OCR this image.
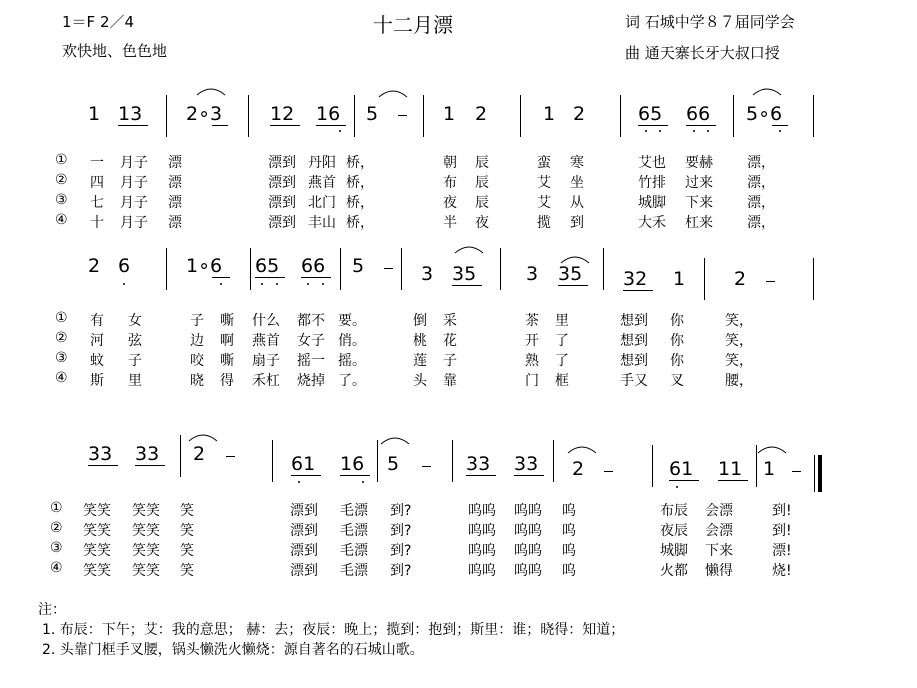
1＝F 2／4
欢快地、色色地
十二月漂	词 石城中学８７届同学会
曲 通天寨长牙大叔口授
1 13 2∘3	12 16 5	1 2	1 2	65 66 5∘6
① 一 月子 漂	漂到 丹阳 桥，	朝 辰	蛮 寒	艾也 要赫 漂，
② 四 月子 漂	漂到 燕首 桥，	布 辰	艾 坐	竹排 过来 漂，
③ 七 月子 漂	漂到 北门 桥，	夜 辰	艾 从	城脚 下来 漂，
④ 十 月子 漂	漂到 丰山 桥，	半 夜	揽 到	大禾 杠来 漂，
2 6	1∘6 65 66 5	3 35	3 35 32 1	2
① 有 女	子 嘶 什么 都不 要。	倒 采	茶 里	想到 你	笑，
② 河 弦	边 啊 燕首 女子 俏。	桃 花	开 了	想到 你	笑，
③ 蚊 子	咬 嘶 扇子 摇一 摇。	莲 子	熟 了	想到 你	笑，
④ 斯 里	晓 得 禾杠 烧掉 了。	头 靠	门 框	手又 叉	腰，
33 33 2	61 16 5	33 33 2	61 11 1
① 笑笑 笑笑 笑	漂到 毛漂 到?	呜呜 呜呜 呜	布辰 会漂	到!
② 笑笑 笑笑 笑	漂到 毛漂 到?	呜呜 呜呜 呜	夜辰 会漂	到!
③ 笑笑 笑笑 笑	漂到 毛漂 到?	呜呜 呜呜 呜	城脚 下来	漂!
④ 笑笑 笑笑 笑	漂到 毛漂 到?	呜呜 呜呜 呜	火都 懒得	烧!
注：
1. 布辰：下午；艾：我的意思； 赫：去；夜辰：晚上；揽到：抱到；斯里：谁；晓得：知道；
2. 头靠门框手叉腰，锅头懒洗火懒烧：源自著名的石城山歌。
